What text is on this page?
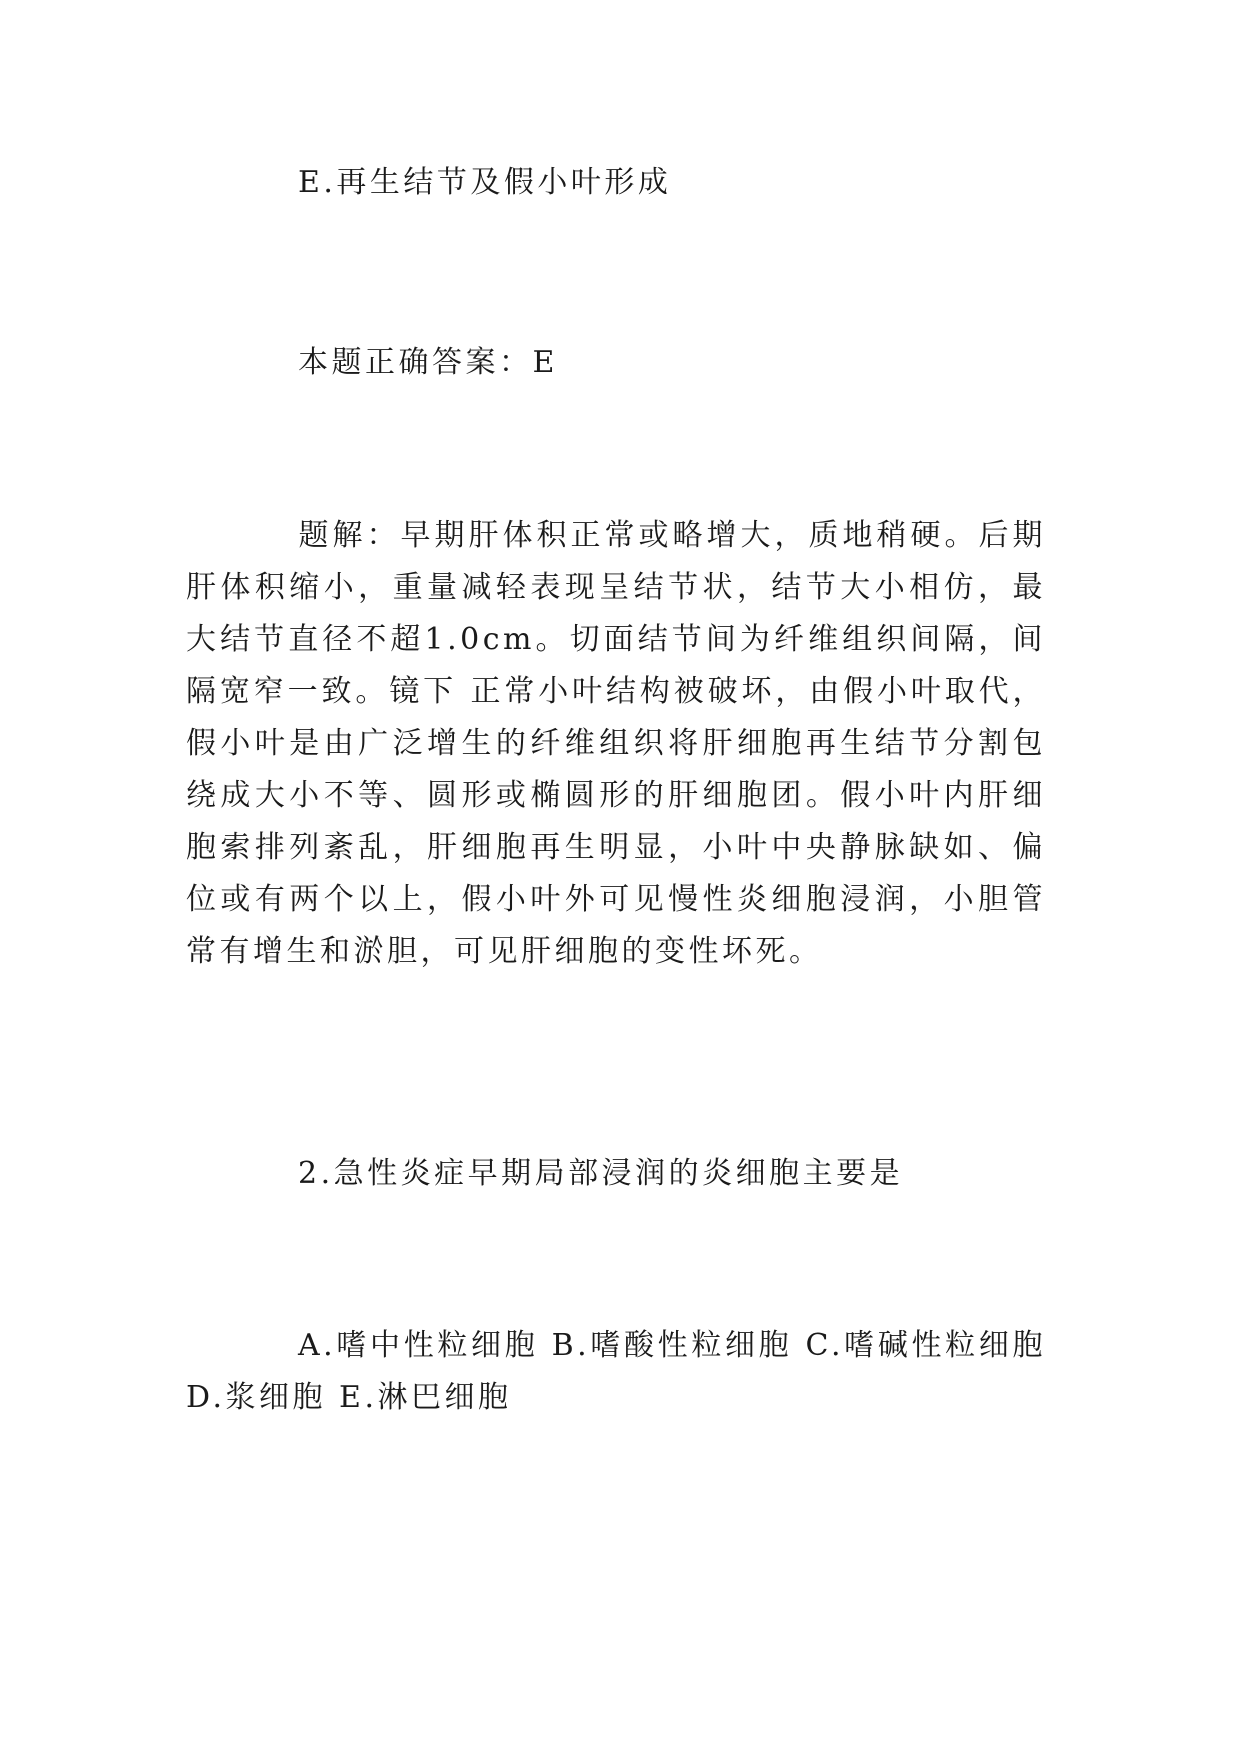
E.再生结节及假小叶形成

本题正确答案：E

题解：早期肝体积正常或略增大，质地稍硬。后期肝体积缩小，重量减轻表现呈结节状，结节大小相仿，最大结节直径不超1.0cm。切面结节间为纤维组织间隔，间隔宽窄一致。镜下 正常小叶结构被破坏，由假小叶取代，假小叶是由广泛增生的纤维组织将肝细胞再生结节分割包绕成大小不等、圆形或椭圆形的肝细胞团。假小叶内肝细胞索排列紊乱，肝细胞再生明显，小叶中央静脉缺如、偏位或有两个以上，假小叶外可见慢性炎细胞浸润，小胆管常有增生和淤胆，可见肝细胞的变性坏死。

2.急性炎症早期局部浸润的炎细胞主要是

A.嗜中性粒细胞 B.嗜酸性粒细胞 C.嗜碱性粒细胞 D.浆细胞 E.淋巴细胞
